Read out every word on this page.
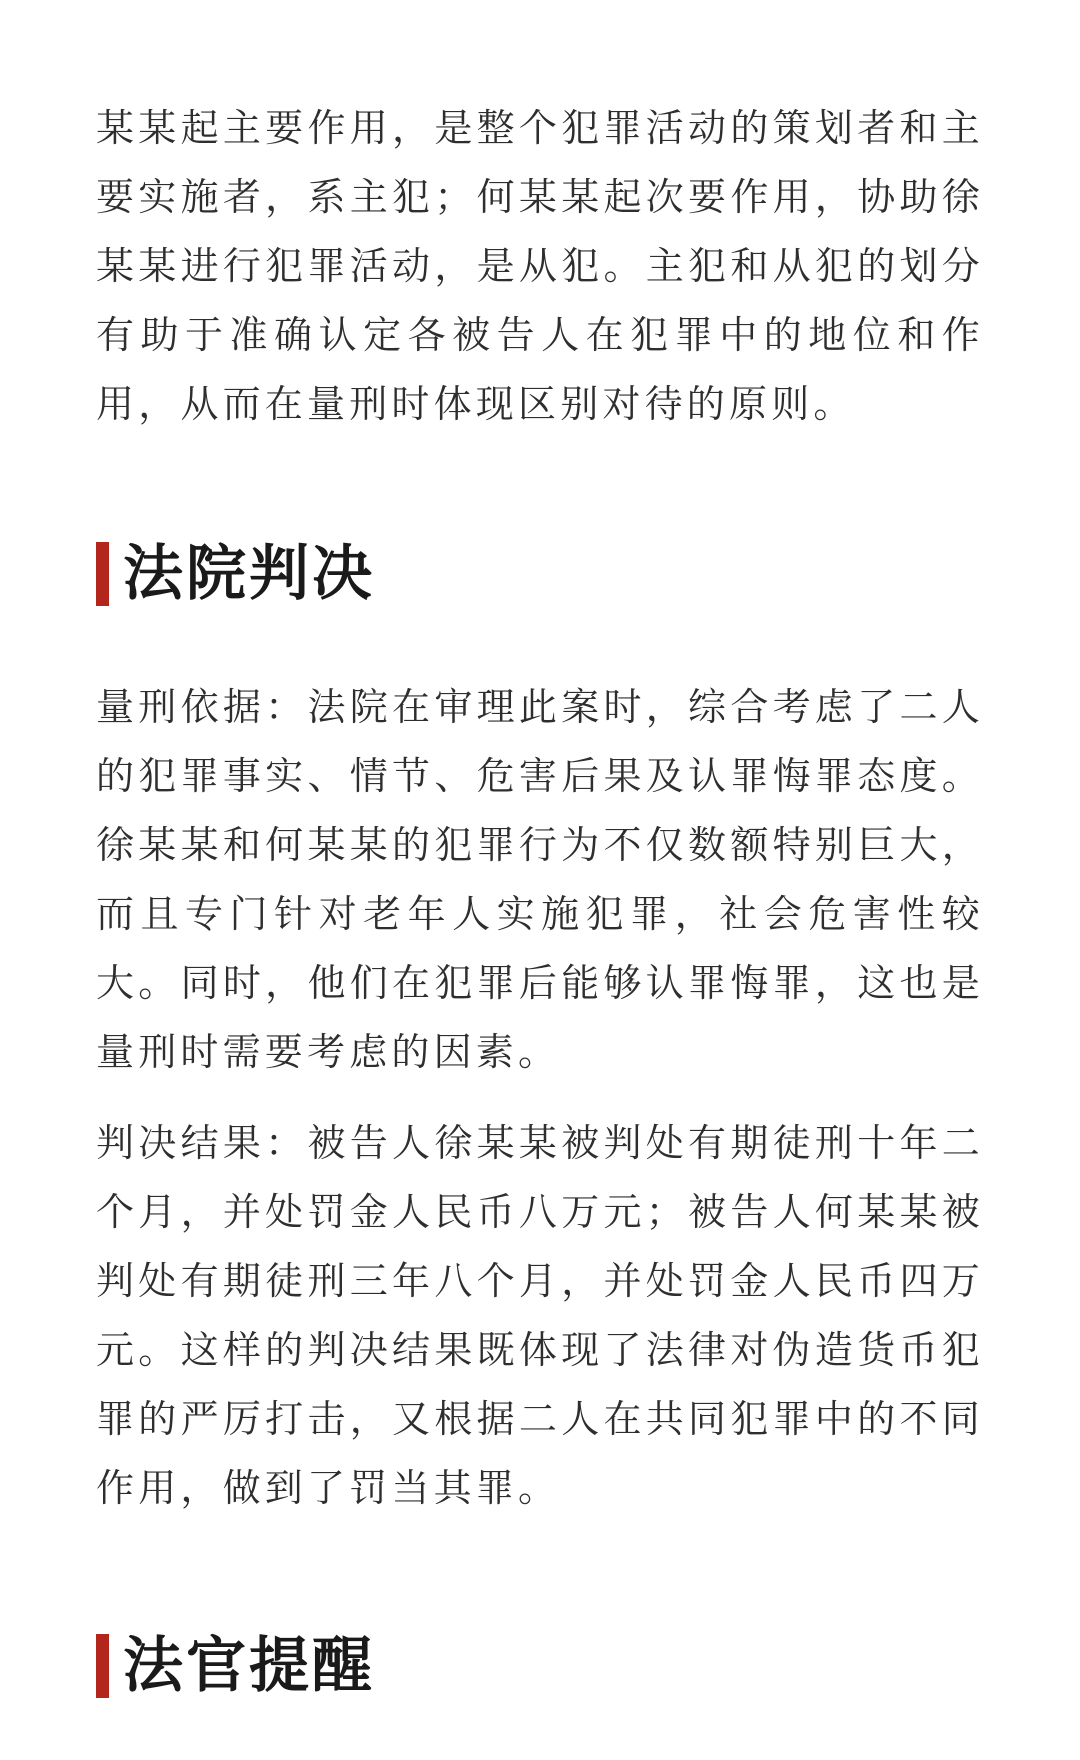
某某起主要作用，是整个犯罪活动的策划者和主要实施者，系主犯；何某某起次要作用，协助徐某某进行犯罪活动，是从犯。主犯和从犯的划分有助于准确认定各被告人在犯罪中的地位和作用，从而在量刑时体现区别对待的原则。

法院判决

量刑依据：法院在审理此案时，综合考虑了二人的犯罪事实、情节、危害后果及认罪悔罪态度。徐某某和何某某的犯罪行为不仅数额特别巨大，而且专门针对老年人实施犯罪，社会危害性较大。同时，他们在犯罪后能够认罪悔罪，这也是量刑时需要考虑的因素。

判决结果：被告人徐某某被判处有期徒刑十年二个月，并处罚金人民币八万元；被告人何某某被判处有期徒刑三年八个月，并处罚金人民币四万元。这样的判决结果既体现了法律对伪造货币犯罪的严厉打击，又根据二人在共同犯罪中的不同作用，做到了罚当其罪。

法官提醒
